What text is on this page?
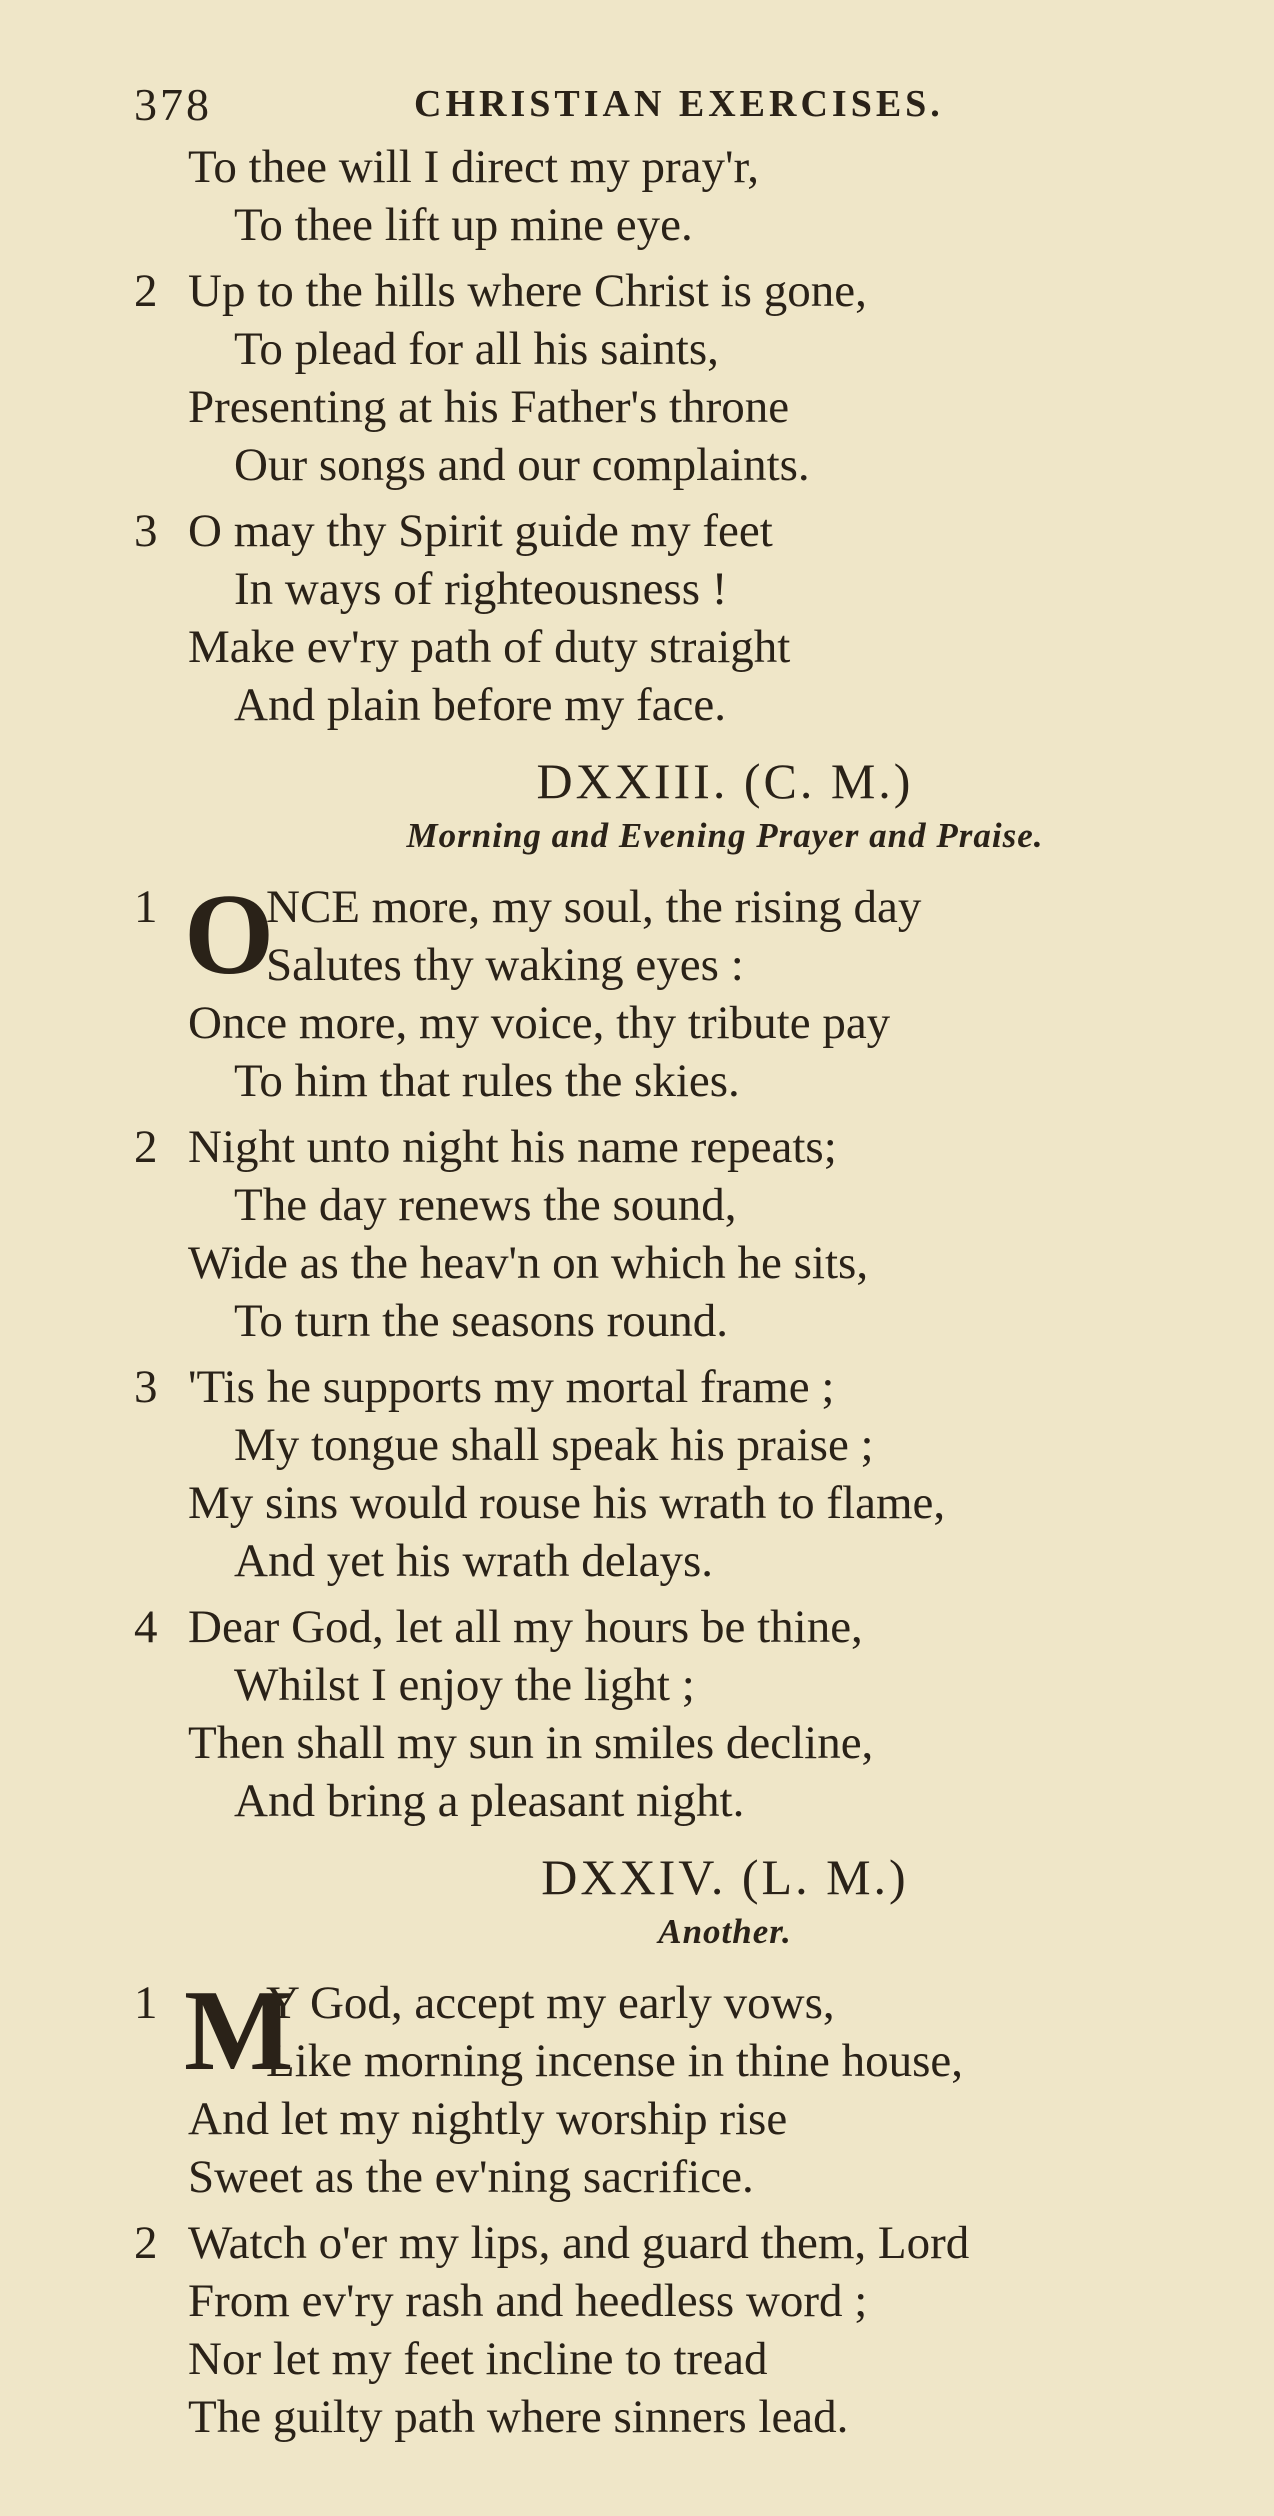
378	CHRISTIAN EXERCISES.
To thee will I direct my pray'r,
To thee lift up mine eye.
2 Up to the hills where Christ is gone,
To plead for all his saints,
Presenting at his Father's throne
Our songs and our complaints.
3 O may thy Spirit guide my feet
In ways of righteousness !
Make ev'ry path of duty straight
And plain before my face.
DXXIII. (C. M.)
Morning and Evening Prayer and Praise.
O
1 NCE more, my soul, the rising day
Salutes thy waking eyes :
Once more, my voice, thy tribute pay
To him that rules the skies.
2 Night unto night his name repeats;
The day renews the sound,
Wide as the heav'n on which he sits,
To turn the seasons round.
3 'Tis he supports my mortal frame ;
My tongue shall speak his praise ;
My sins would rouse his wrath to flame,
And yet his wrath delays.
4 Dear God, let all my hours be thine,
Whilst I enjoy the light ;
Then shall my sun in smiles decline,
And bring a pleasant night.
DXXIV. (L. M.)
Another.
M
1 Y God, accept my early vows,
Like morning incense in thine house,
And let my nightly worship rise
Sweet as the ev'ning sacrifice.
2 Watch o'er my lips, and guard them, Lord
From ev'ry rash and heedless word ;
Nor let my feet incline to tread
The guilty path where sinners lead.
